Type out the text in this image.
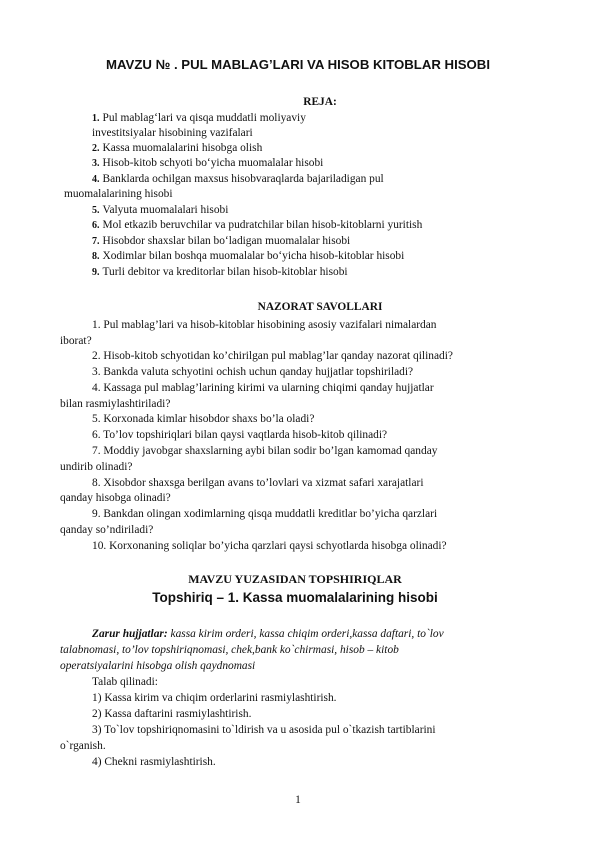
MAVZU № . PUL MABLAG’LARI VA HISOB KITOBLAR HISOBI
REJA:
1. Pul mablag‘lari va qisqa muddatli moliyaviy
investitsiyalar hisobining vazifalari
2. Kassa muomalalarini hisobga olish
3. Hisob-kitob schyoti bo‘yicha muomalalar hisobi
4. Banklarda ochilgan maxsus hisobvaraqlarda bajariladigan pul
muomalalarining hisobi
5. Valyuta muomalalari hisobi
6. Mol etkazib beruvchilar va pudratchilar bilan hisob-kitoblarni yuritish
7. Hisobdor shaxslar bilan bo‘ladigan muomalalar hisobi
8. Xodimlar bilan boshqa muomalalar bo‘yicha hisob-kitoblar hisobi
9. Turli debitor va kreditorlar bilan hisob-kitoblar hisobi
NAZORAT SAVOLLARI
1. Pul mablag’lari va hisob-kitoblar hisobining asosiy vazifalari nimalardan
iborat?
2. Hisob-kitob schyotidan ko’chirilgan pul mablag’lar qanday nazorat qilinadi?
3. Bankda valuta schyotini ochish uchun qanday hujjatlar topshiriladi?
4. Kassaga pul mablag’larining kirimi va ularning chiqimi qanday hujjatlar
bilan rasmiylashtiriladi?
5. Korxonada kimlar hisobdor shaxs bo’la oladi?
6. To’lov topshiriqlari bilan qaysi vaqtlarda hisob-kitob qilinadi?
7. Moddiy javobgar shaxslarning aybi bilan sodir bo’lgan kamomad qanday
undirib olinadi?
8. Xisobdor shaxsga berilgan avans to’lovlari va xizmat safari xarajatlari
qanday hisobga olinadi?
9. Bankdan olingan xodimlarning qisqa muddatli kreditlar bo’yicha qarzlari
qanday so’ndiriladi?
10. Korxonaning soliqlar bo’yicha qarzlari qaysi schyotlarda hisobga olinadi?
MAVZU YUZASIDAN TOPSHIRIQLAR
Topshiriq – 1. Kassa muomalalarining hisobi
Zarur hujjatlar: kassa kirim orderi, kassa chiqim orderi,kassa daftari, to`lov
talabnomasi, to’lov topshiriqnomasi, chek,bank ko`chirmasi, hisob – kitob
operatsiyalarini hisobga olish qaydnomasi
Talab qilinadi:
1) Kassa kirim va chiqim orderlarini rasmiylashtirish.
2) Kassa daftarini rasmiylashtirish.
3) To`lov topshiriqnomasini to`ldirish va u asosida pul o`tkazish tartiblarini
o`rganish.
4) Chekni rasmiylashtirish.
1
